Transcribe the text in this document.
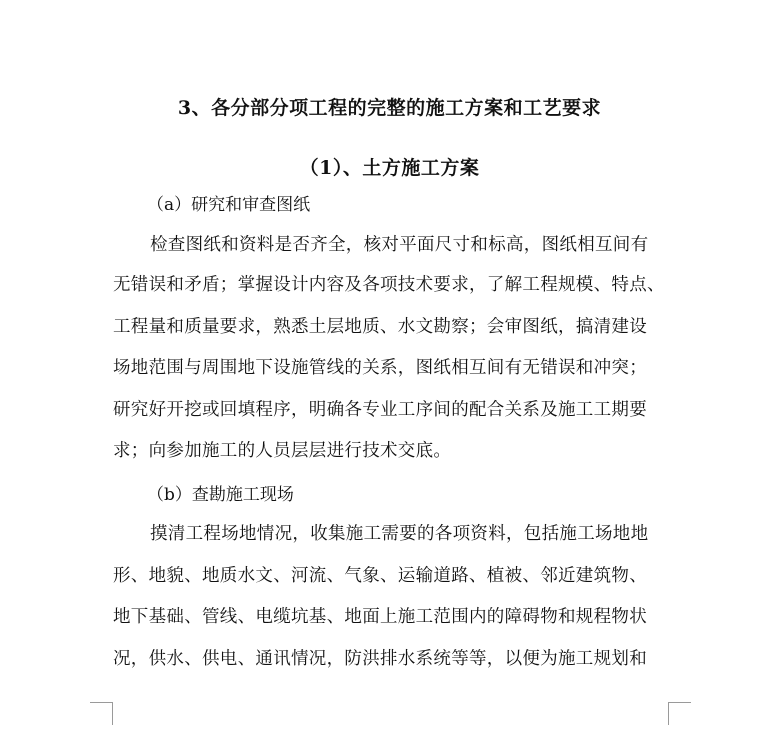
3、各分部分项工程的完整的施工方案和工艺要求
（1）、土方施工方案
（a）研究和审查图纸
检查图纸和资料是否齐全，核对平面尺寸和标高，图纸相互间有
无错误和矛盾；掌握设计内容及各项技术要求，了解工程规模、特点、
工程量和质量要求，熟悉土层地质、水文勘察；会审图纸，搞清建设
场地范围与周围地下设施管线的关系，图纸相互间有无错误和冲突；
研究好开挖或回填程序，明确各专业工序间的配合关系及施工工期要
求；向参加施工的人员层层进行技术交底。
（b）查勘施工现场
摸清工程场地情况，收集施工需要的各项资料，包括施工场地地
形、地貌、地质水文、河流、气象、运输道路、植被、邻近建筑物、
地下基础、管线、电缆坑基、地面上施工范围内的障碍物和规程物状
况，供水、供电、通讯情况，防洪排水系统等等，以便为施工规划和
